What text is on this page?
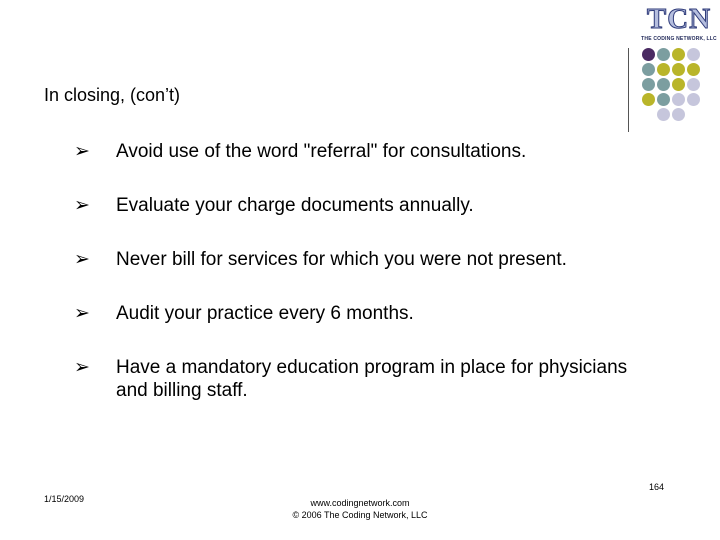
TCN
THE CODING NETWORK, LLC
In closing, (con’t)
➢ Avoid use of the word "referral" for consultations.
➢ Evaluate your charge documents annually.
➢ Never bill for services for which you were not present.
➢ Audit your practice every 6 months.
➢ Have a mandatory education program in place for physicians and billing staff.
164
1/15/2009	www.codingnetwork.com
© 2006 The Coding Network, LLC
